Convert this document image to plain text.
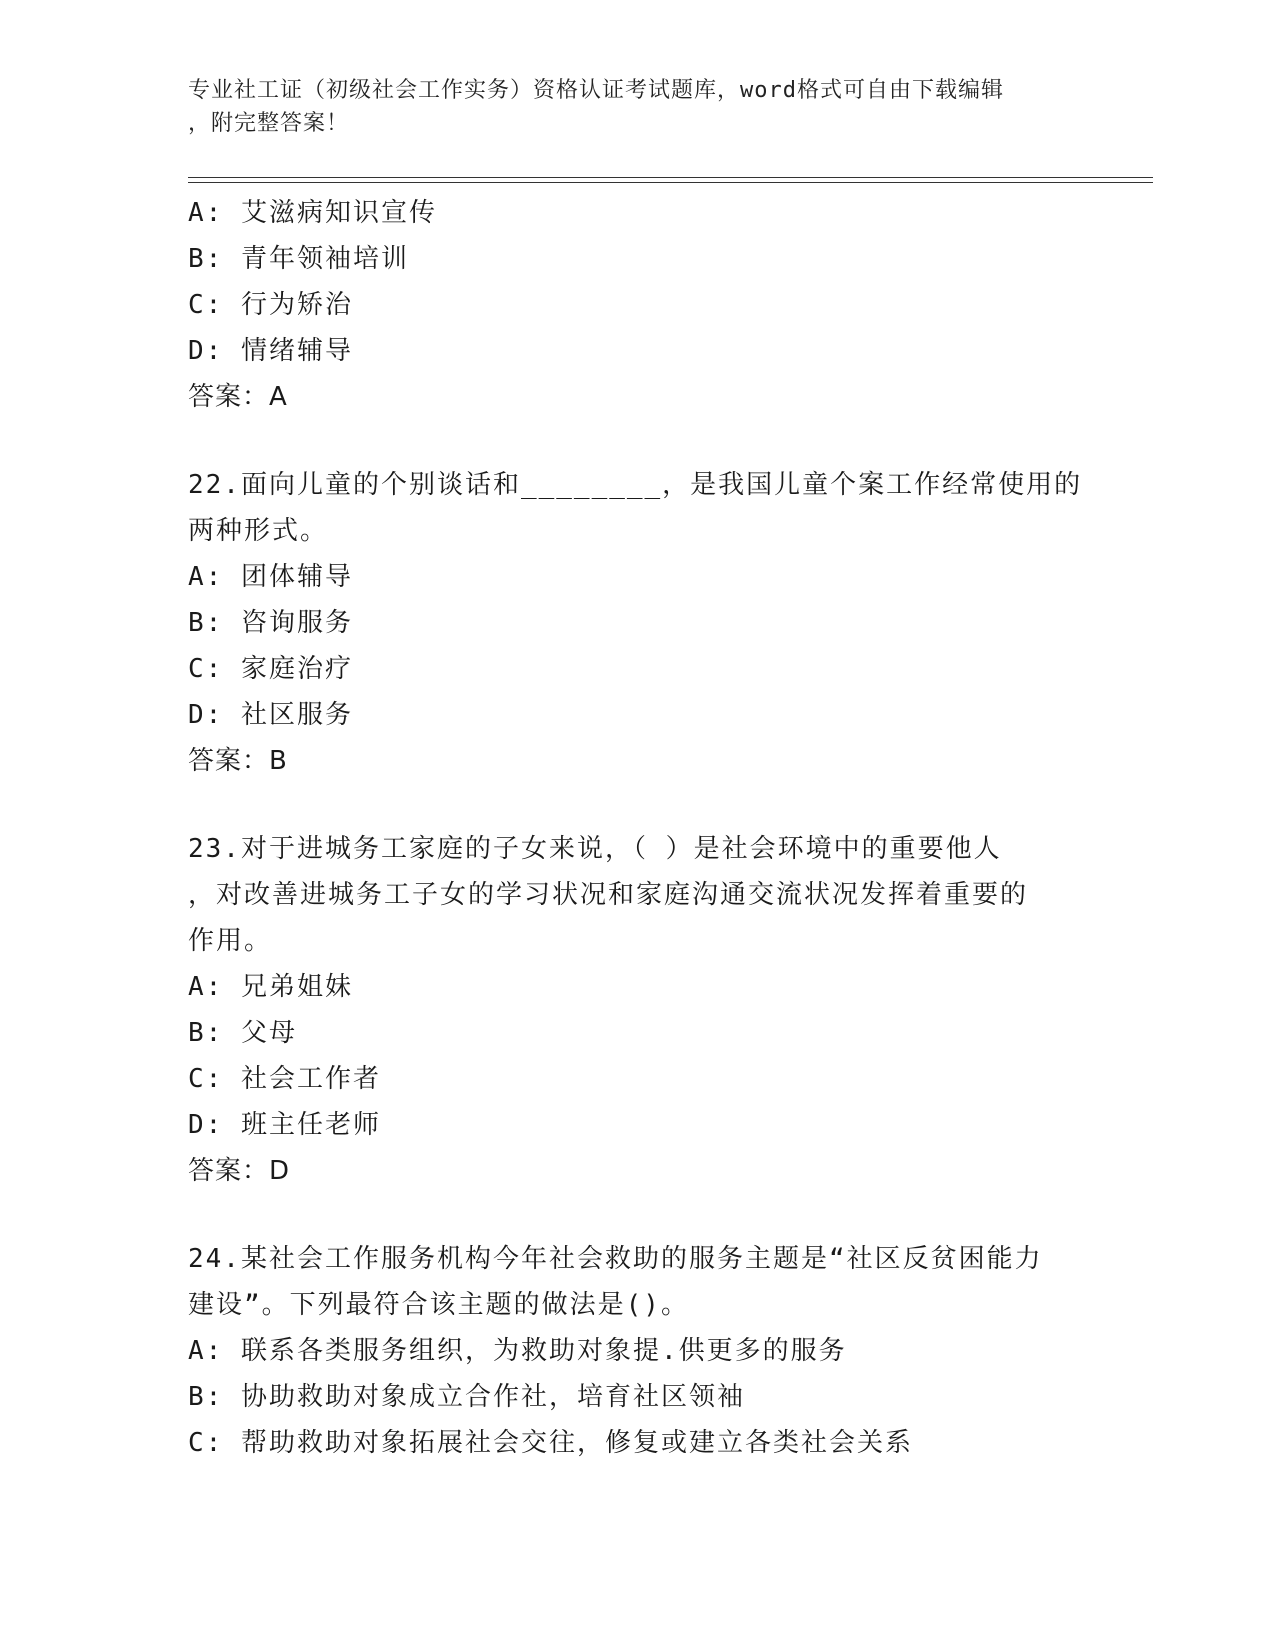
专业社工证（初级社会工作实务）资格认证考试题库，word格式可自由下载编辑
，附完整答案！
A: 艾滋病知识宣传
B: 青年领袖培训
C: 行为矫治
D: 情绪辅导
答案：A
22.面向儿童的个别谈话和________，是我国儿童个案工作经常使用的
两种形式。
A: 团体辅导
B: 咨询服务
C: 家庭治疗
D: 社区服务
答案：B
23.对于进城务工家庭的子女来说，（ ）是社会环境中的重要他人
，对改善进城务工子女的学习状况和家庭沟通交流状况发挥着重要的
作用。
A: 兄弟姐妹
B: 父母
C: 社会工作者
D: 班主任老师
答案：D
24.某社会工作服务机构今年社会救助的服务主题是“社区反贫困能力
建设”。下列最符合该主题的做法是()。
A: 联系各类服务组织，为救助对象提.供更多的服务
B: 协助救助对象成立合作社，培育社区领袖
C: 帮助救助对象拓展社会交往，修复或建立各类社会关系
